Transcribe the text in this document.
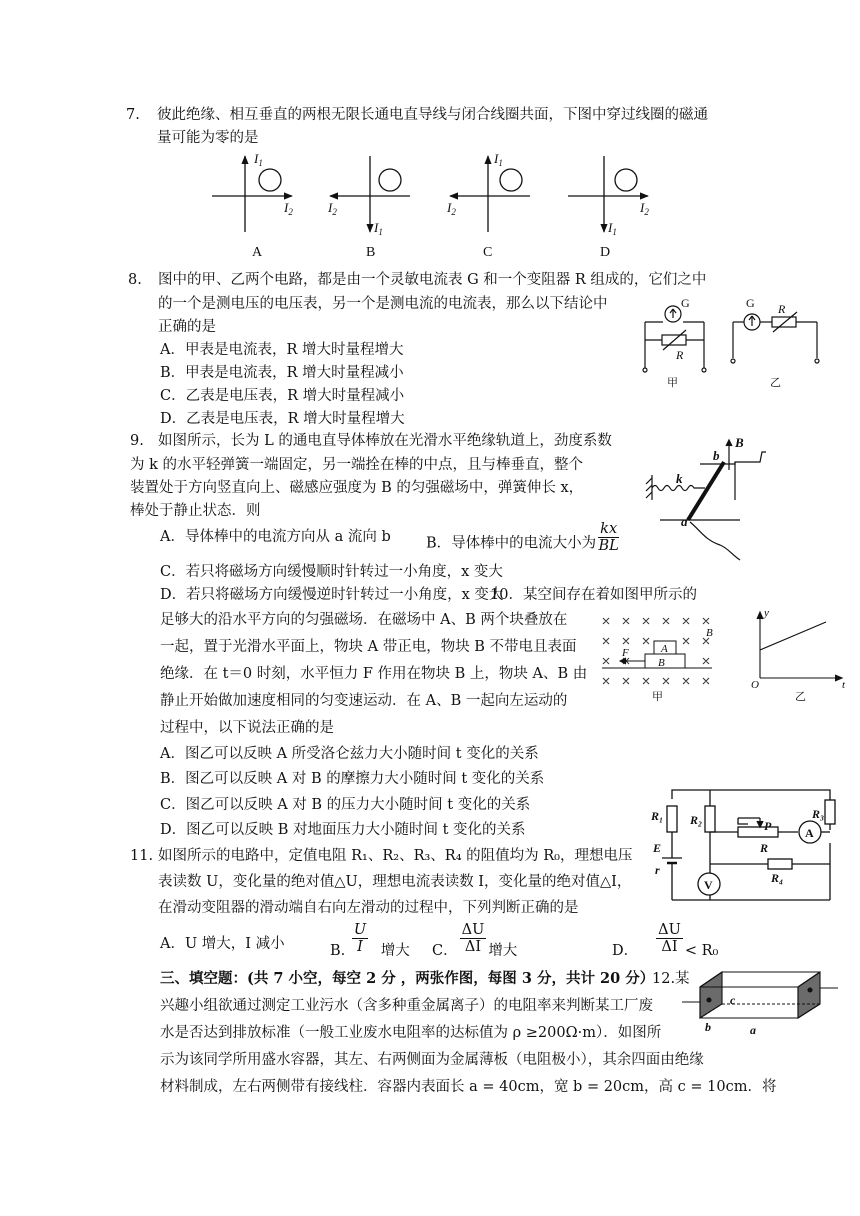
7. 彼此绝缘、相互垂直的两根无限长通电直导线与闭合线圈共面，下图中穿过线圈的磁通
量可能为零的是
$I_1$
$I_2$
A
$I_2$
$I_1$
B
$I_1$
$I_2$
C
$I_1$
$I_2$
D
8. 图中的甲、乙两个电路，都是由一个灵敏电流表 G 和一个变阻器 R 组成的，它们之中
的一个是测电压的电压表，另一个是测电流的电流表，那么以下结论中
正确的是
A．甲表是电流表，R 增大时量程增大
B．甲表是电流表，R 增大时量程减小
C．乙表是电压表，R 增大时量程减小
D．乙表是电压表，R 增大时量程增大
G
R
甲
G R
乙
9. 如图所示，长为 L 的通电直导体棒放在光滑水平绝缘轨道上，劲度系数
为 k 的水平轻弹簧一端固定，另一端拴在棒的中点，且与棒垂直，整个
装置处于方向竖直向上、磁感应强度为 B 的匀强磁场中，弹簧伸长 x，
棒处于静止状态．则
A．导体棒中的电流方向从 a 流向 b B．导体棒中的电流大小为 $\frac{kx}{BL}$
C．若只将磁场方向缓慢顺时针转过一小角度，x 变大
D．若只将磁场方向缓慢逆时针转过一小角度，x 变大
10．某空间存在着如图甲所示的
B
b
k
a
足够大的沿水平方向的匀强磁场．在磁场中 A、B 两个块叠放在
一起，置于光滑水平面上，物块 A 带正电，物块 B 不带电且表面
绝缘．在 t＝0 时刻，水平恒力 F 作用在物块 B 上，物块 A、B 由
静止开始做加速度相同的匀变速运动．在 A、B 一起向左运动的
过程中，以下说法正确的是
A．图乙可以反映 A 所受洛仑兹力大小随时间 t 变化的关系
B．图乙可以反映 A 对 B 的摩擦力大小随时间 t 变化的关系
C．图乙可以反映 A 对 B 的压力大小随时间 t 变化的关系
D．图乙可以反映 B 对地面压力大小随时间 t 变化的关系
A
B
B
F
甲
y
t
O
乙
11. 如图所示的电路中，定值电阻 R₁、R₂、R₃、R₄ 的阻值均为 R₀，理想电压
表读数 U，变化量的绝对值△U，理想电流表读数 I，变化量的绝对值△I，
在滑动变阻器的滑动端自右向左滑动的过程中，下列判断正确的是
A．U 增大，I 减小	B. $\frac{U}{I}$ 增大 C． $\frac{\Delta U}{\Delta I}$ 增大	D． $\frac{\Delta U}{\Delta I} < R_0$
R₁ R₂	R₃
R₄
R
P
E
r
A
V
三、填空题：(共 7 小空，每空 2 分 ，两张作图，每图 3 分，共计 20 分）
12.某
兴趣小组欲通过测定工业污水（含多种重金属离子）的电阻率来判断某工厂废
水是否达到排放标准（一般工业废水电阻率的达标值为 ρ ≥200Ω·m）．如图所
示为该同学所用盛水容器，其左、右两侧面为金属薄板（电阻极小），其余四面由绝缘
材料制成，左右两侧带有接线柱．容器内表面长 a = 40cm，宽 b = 20cm，高 c = 10cm．将
c
b	a
